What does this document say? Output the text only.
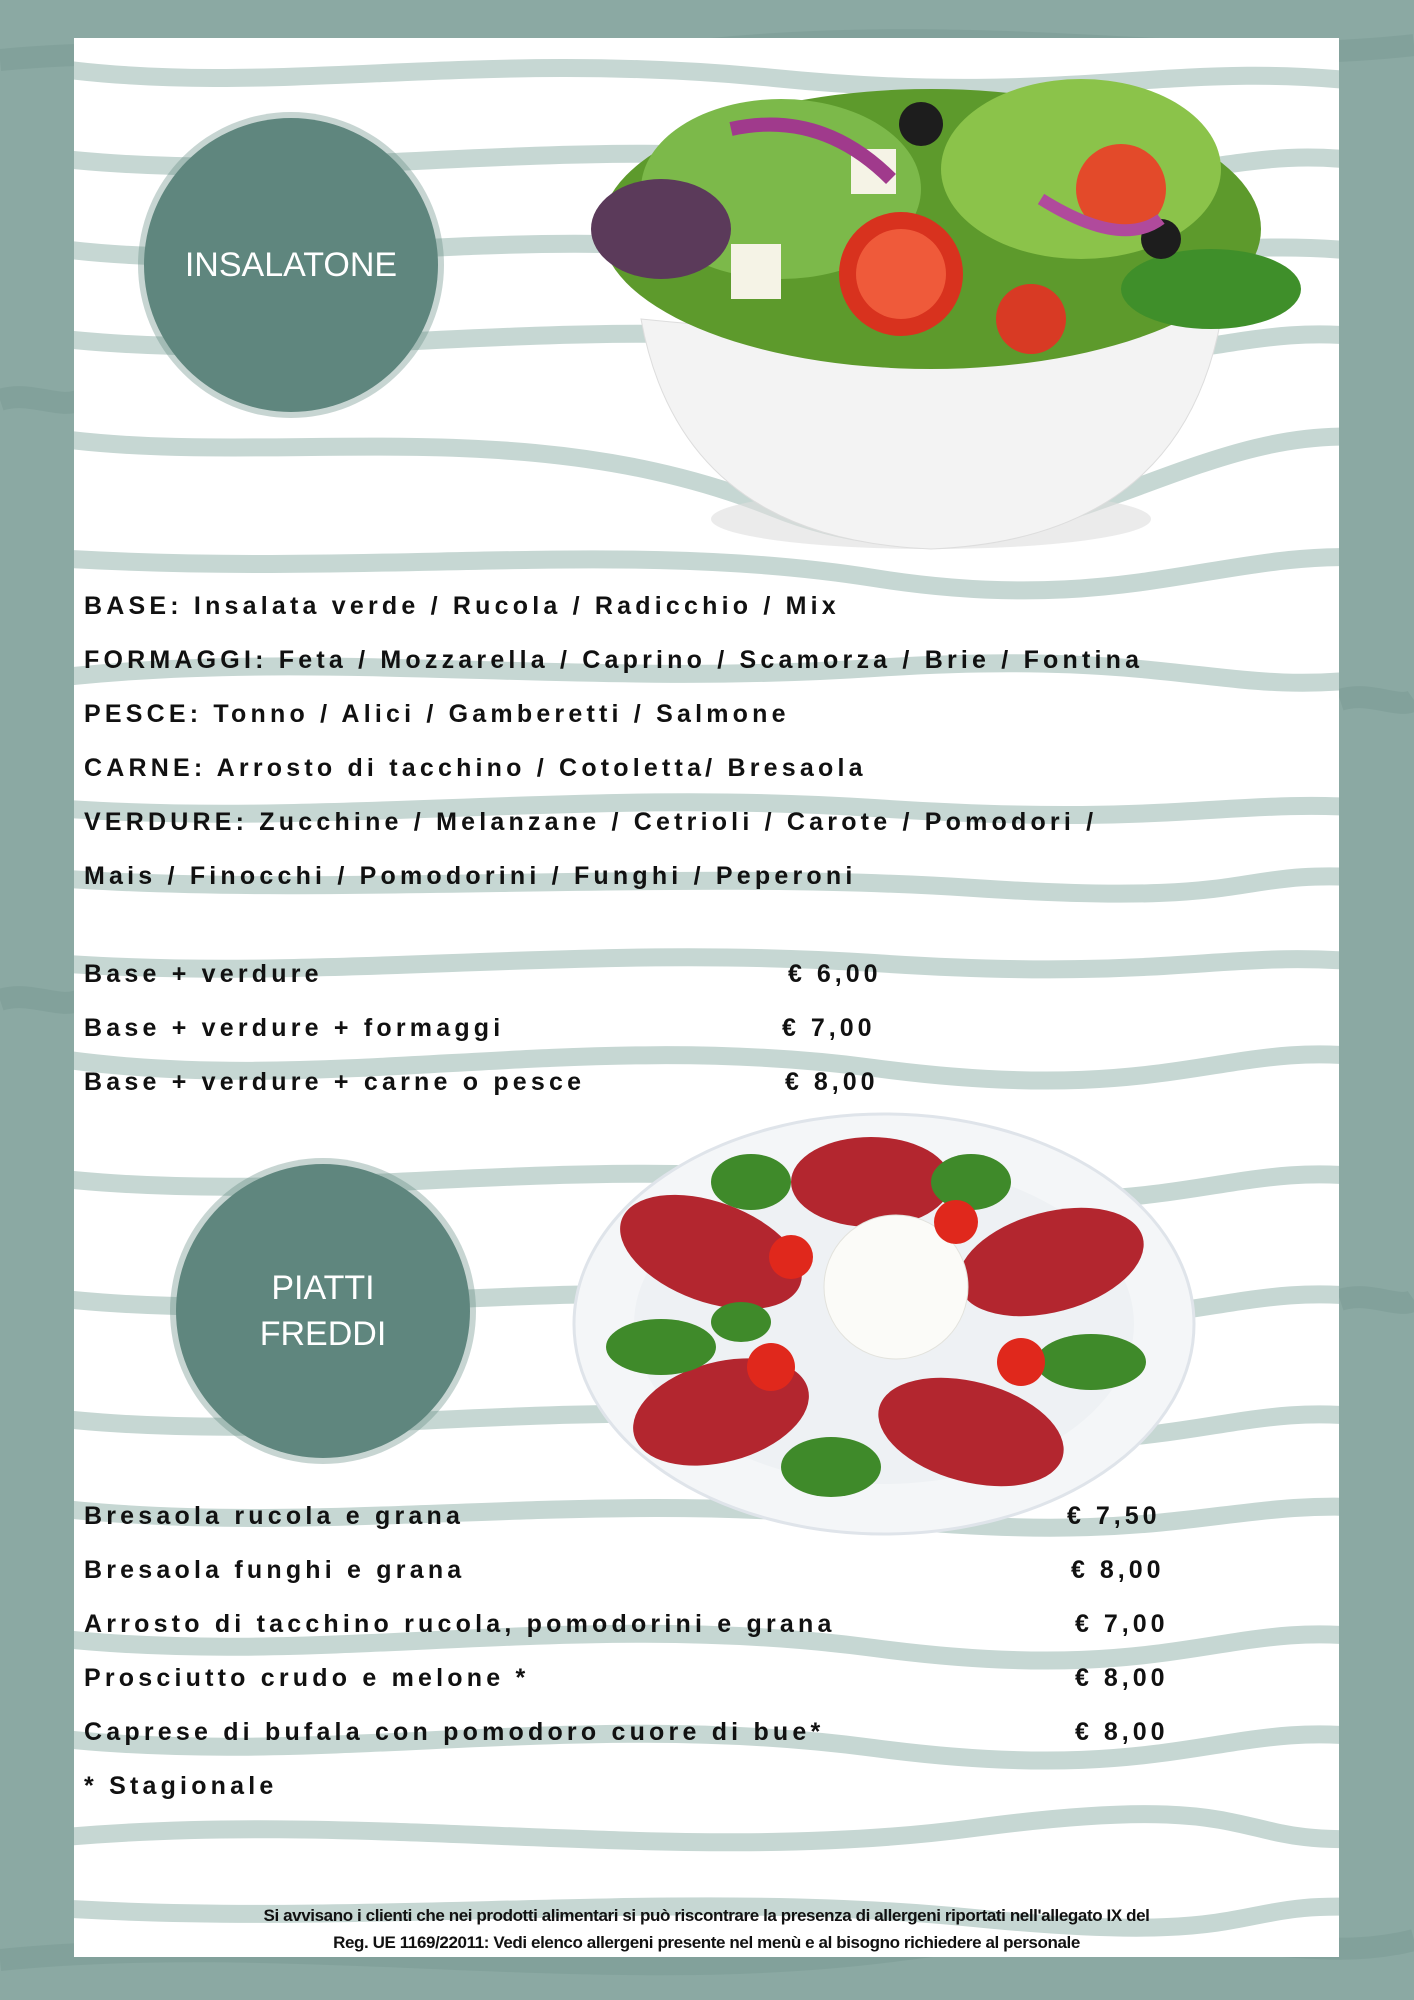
INSALATONE
BASE: Insalata verde / Rucola / Radicchio / Mix
FORMAGGI: Feta / Mozzarella / Caprino / Scamorza / Brie / Fontina
PESCE: Tonno / Alici / Gamberetti / Salmone
CARNE: Arrosto di tacchino / Cotoletta/ Bresaola
VERDURE: Zucchine / Melanzane / Cetrioli / Carote / Pomodori /
Mais / Finocchi / Pomodorini / Funghi / Peperoni
Base + verdure	€ 6,00
Base + verdure + formaggi	€ 7,00
Base + verdure + carne o pesce	€ 8,00
PIATTI
FREDDI
Bresaola rucola e grana	€ 7,50
Bresaola funghi e grana	€ 8,00
Arrosto di tacchino rucola, pomodorini e grana	€ 7,00
Prosciutto crudo e melone *	€ 8,00
Caprese di bufala con pomodoro cuore di bue*	€ 8,00
* Stagionale
Si avvisano i clienti che nei prodotti alimentari si può riscontrare la presenza di allergeni riportati nell'allegato IX del
Reg. UE 1169/22011: Vedi elenco allergeni presente nel menù e al bisogno richiedere al personale
